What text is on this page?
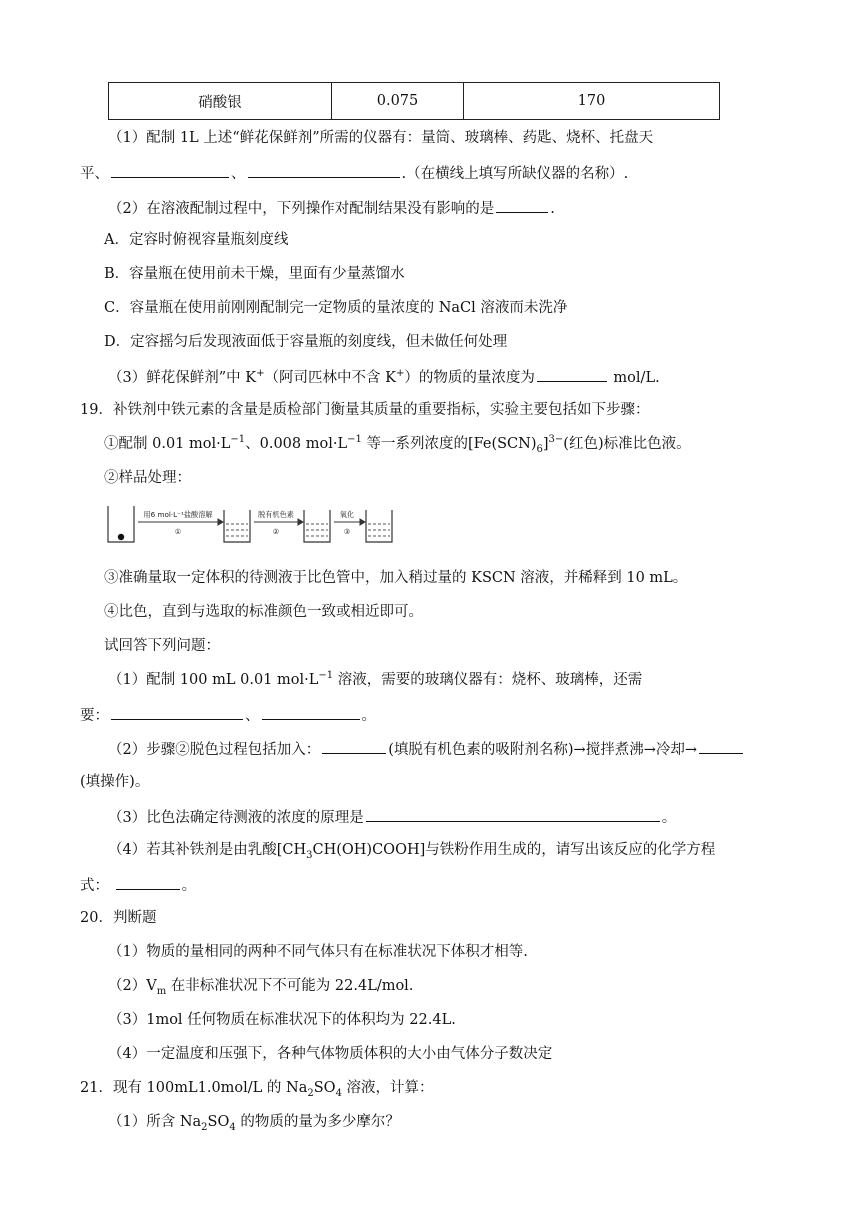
硝酸银	0.075	170
（1）配制 1L 上述“鲜花保鲜剂”所需的仪器有：量筒、玻璃棒、药匙、烧杯、托盘天
平、	、	.（在横线上填写所缺仪器的名称）.
（2）在溶液配制过程中，下列操作对配制结果没有影响的是	.
A．定容时俯视容量瓶刻度线
B．容量瓶在使用前未干燥，里面有少量蒸馏水
C．容量瓶在使用前刚刚配制完一定物质的量浓度的 NaCl 溶液而未洗净
D．定容摇匀后发现液面低于容量瓶的刻度线，但未做任何处理
（3）鲜花保鲜剂”中 K+（阿司匹林中不含 K+）的物质的量浓度为	mol/L.
19．补铁剂中铁元素的含量是质检部门衡量其质量的重要指标，实验主要包括如下步骤：
①配制 0.01 $mol\cdot L^{-1}$、0.008 $mol\cdot L^{-1}$ 等一系列浓度的$[Fe(SCN)_6]^{3-}$(红色)标准比色液。
②样品处理：
用6 mol·L⁻¹盐酸溶解
①
脱有机色素
②
氧化
③
③准确量取一定体积的待测液于比色管中，加入稍过量的 KSCN 溶液，并稀释到 10 mL。
④比色，直到与选取的标准颜色一致或相近即可。
试回答下列问题：
（1）配制 100 mL 0.01 $mol\cdot L^{-1}$ 溶液，需要的玻璃仪器有：烧杯、玻璃棒，还需
要：	、	。
（2）步骤②脱色过程包括加入：	(填脱有机色素的吸附剂名称)→搅拌煮沸→冷却→
(填操作)。
（3）比色法确定待测液的浓度的原理是	。
（4）若其补铁剂是由乳酸$[CH_3CH(OH)COOH]$与铁粉作用生成的，请写出该反应的化学方程
式：	。
20．判断题
（1）物质的量相同的两种不同气体只有在标准状况下体积才相等.
$(2)V_m$ 在非标准状况下不可能为 22.4L/mol.
（3）1mol 任何物质在标准状况下的体积均为 22.4L.
（4）一定温度和压强下，各种气体物质体积的大小由气体分子数决定
21．现有 100mL1.0mol/L 的 $Na_2SO_4$ 溶液，计算：
（1）所含 $Na_2SO_4$ 的物质的量为多少摩尔？
